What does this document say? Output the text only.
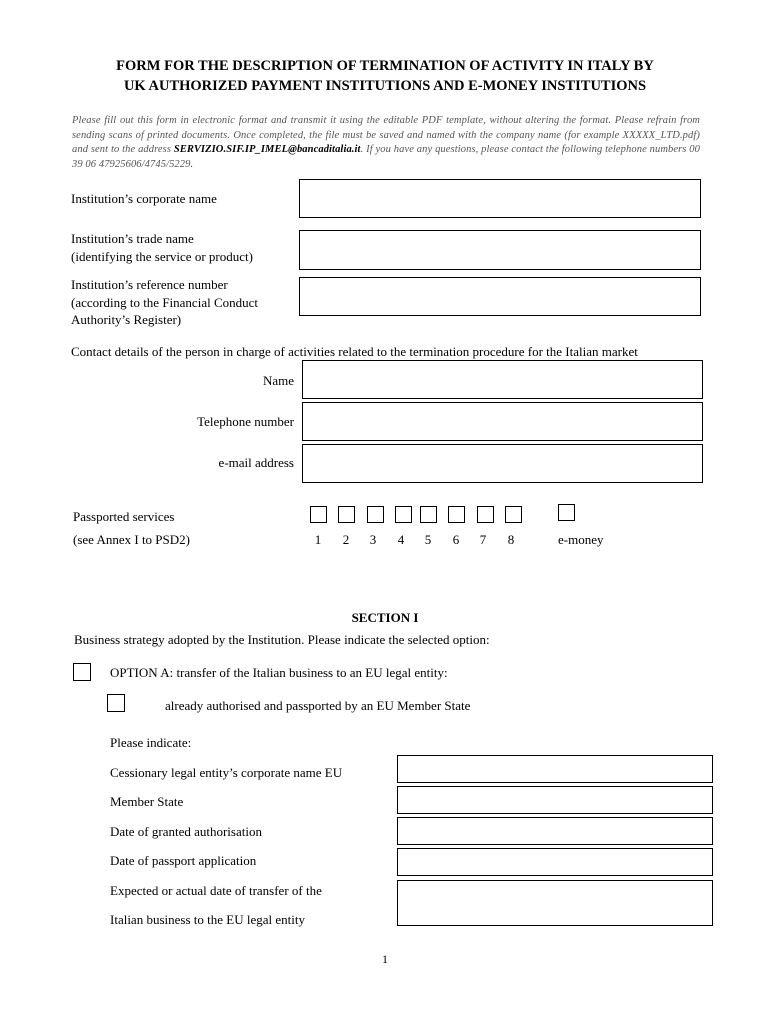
FORM FOR THE DESCRIPTION OF TERMINATION OF ACTIVITY IN ITALY BY
UK AUTHORIZED PAYMENT INSTITUTIONS AND E-MONEY INSTITUTIONS
Please fill out this form in electronic format and transmit it using the editable PDF template, without altering the format. Please refrain from sending scans of printed documents. Once completed, the file must be saved and named with the company name (for example XXXXX_LTD.pdf) and sent to the address SERVIZIO.SIF.IP_IMEL@bancaditalia.it. If you have any questions, please contact the following telephone numbers 00 39 06 47925606/4745/5229.
Institution’s corporate name
Institution’s trade name
(identifying the service or product)
Institution’s reference number
(according to the Financial Conduct
Authority’s Register)
Contact details of the person in charge of activities related to the termination procedure for the Italian market
Name
Telephone number
e-mail address
Passported services
(see Annex I to PSD2)	1 2 3 4 5 6 7 8	e-money
SECTION I
Business strategy adopted by the Institution. Please indicate the selected option:
OPTION A: transfer of the Italian business to an EU legal entity:
already authorised and passported by an EU Member State
Please indicate:
Cessionary legal entity’s corporate name EU
Member State
Date of granted authorisation
Date of passport application
Expected or actual date of transfer of the
Italian business to the EU legal entity
1
